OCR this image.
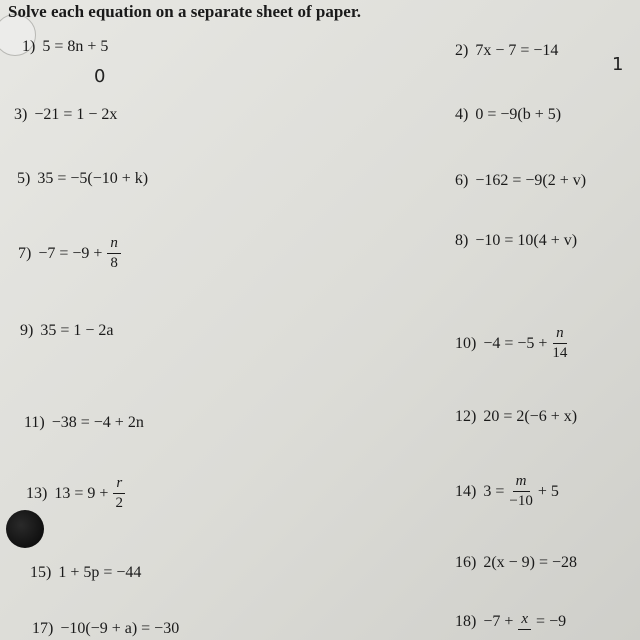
Solve each equation on a separate sheet of paper.
1) 5 = 8n + 5
3) −21 = 1 − 2x
5) 35 = −5(−10 + k)
$7) -7 = -9 + \frac{n}{8}$
9) 35 = 1 − 2a
11) −38 = −4 + 2n
13) $13 = 9 + \frac{r}{2}$
15) 1 + 5p = −44
17) −10(−9 + a) = −30
2) 7x − 7 = −14
4) 0 = −9(b + 5)
6) −162 = −9(2 + v)
8) −10 = 10(4 + v)
$10) -4 = -5 + \frac{n}{14}$
12) 20 = 2(−6 + x)
14) $3 = \frac{m}{-10} + 5$
16) 2(x − 9) = −28
18) −7 + x = −9
0
1
